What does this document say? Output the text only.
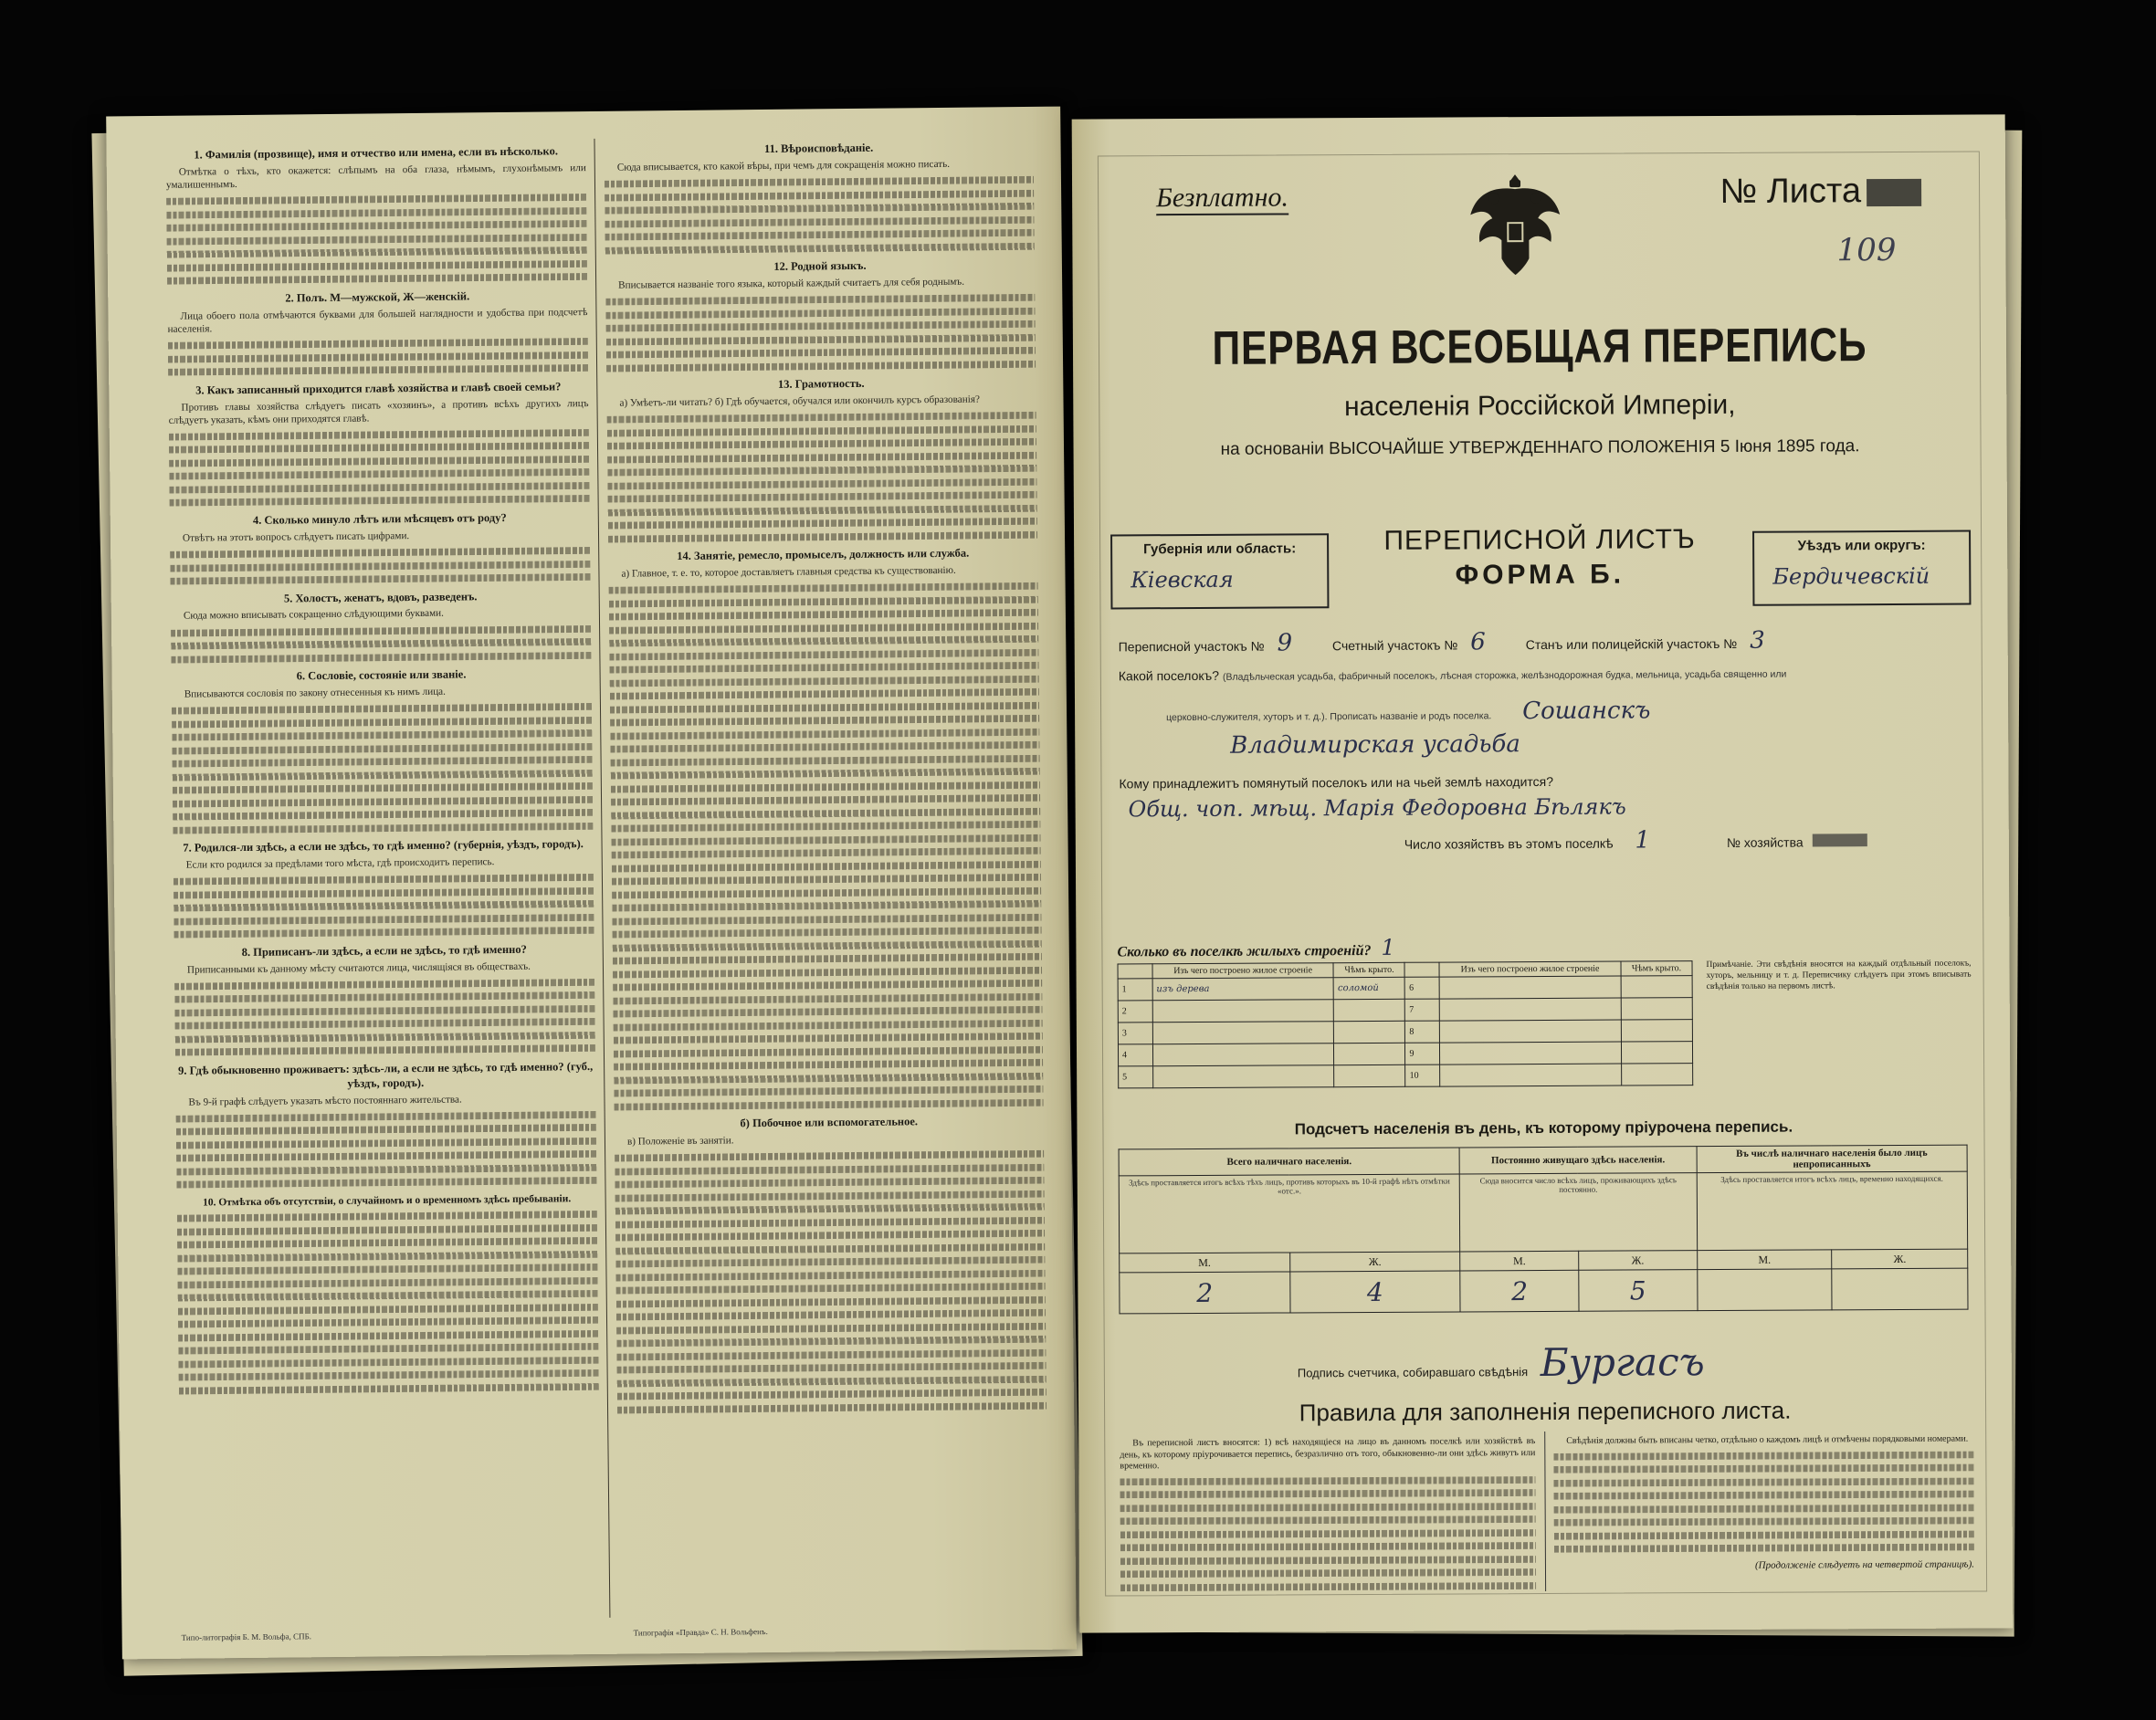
1. Фамилія (прозвище), имя и отчество или имена, если въ нѣсколько.
Отмѣтка о тѣхъ, кто окажется: слѣпымъ на оба глаза, нѣмымъ, глухонѣмымъ или умалишеннымъ.
2. Полъ. М—мужской, Ж—женскій.
Лица обоего пола отмѣчаются буквами для большей наглядности и удобства при подсчетѣ населенія.
3. Какъ записанный приходится главѣ хозяйства и главѣ своей семьи?
Противъ главы хозяйства слѣдуетъ писать «хозяинъ», а противъ всѣхъ другихъ лицъ слѣдуетъ указать, кѣмъ они приходятся главѣ.
4. Сколько минуло лѣтъ или мѣсяцевъ отъ роду?
Отвѣтъ на этотъ вопросъ слѣдуетъ писать цифрами.
5. Холостъ, женатъ, вдовъ, разведенъ.
Сюда можно вписывать сокращенно слѣдующими буквами.
6. Сословіе, состояніе или званіе.
Вписываются сословія по закону отнесенныя къ нимъ лица.
7. Родился-ли здѣсь, а если не здѣсь, то гдѣ именно? (губернія, уѣздъ, городъ).
Если кто родился за предѣлами того мѣста, гдѣ происходитъ перепись.
8. Приписанъ-ли здѣсь, а если не здѣсь, то гдѣ именно?
Приписанными къ данному мѣсту считаются лица, числящіяся въ обществахъ.
9. Гдѣ обыкновенно проживаетъ: здѣсь-ли, а если не здѣсь, то гдѣ именно? (губ., уѣздъ, городъ).
Въ 9-й графѣ слѣдуетъ указать мѣсто постояннаго жительства.
10. Отмѣтка объ отсутствіи, о случайномъ и о временномъ здѣсь пребываніи.
11. Вѣроисповѣданіе.
Сюда вписывается, кто какой вѣры, при чемъ для сокращенія можно писать.
12. Родной языкъ.
Вписывается названіе того языка, который каждый считаетъ для себя роднымъ.
13. Грамотность.
а) Умѣетъ-ли читать? б) Гдѣ обучается, обучался или окончилъ курсъ образованія?
14. Занятіе, ремесло, промыселъ, должность или служба.
а) Главное, т. е. то, которое доставляетъ главныя средства къ существованію.
б) Побочное или вспомогательное.
в) Положеніе въ занятіи.
Типо-литографія Б. М. Вольфа, СПБ.	Типографія «Правда» С. Н. Вольфенъ.
Безплатно.	№ Листа
109
ПЕРВАЯ ВСЕОБЩАЯ ПЕРЕПИСЬ
населенія Россійской Имперіи,
на основаніи ВЫСОЧАЙШЕ УТВЕРЖДЕННАГО ПОЛОЖЕНІЯ 5 Іюня 1895 года.
Губернія или область:
Кіевская
ПЕРЕПИСНОЙ ЛИСТЪ
ФОРМА Б.
Уѣздъ или округъ:
Бердичевскій
Переписной участокъ № 9	Счетный участокъ № 6	Станъ или полицейскій участокъ № 3
Какой поселокъ? (Владѣльческая усадьба, фабричный поселокъ, лѣсная сторожка, желѣзнодорожная будка, мельница, усадьба священно или
церковно-служителя, хуторъ и т. д.). Прописать названіе и родъ поселка. Сошанскъ
Владимирская усадьба
Кому принадлежитъ помянутый поселокъ или на чьей землѣ находится?
Общ. чоп. мѣщ. Марія Федоровна Бѣлякъ
Число хозяйствъ въ этомъ поселкѣ 1	№ хозяйства
Сколько въ поселкѣ жилыхъ строеній? 1
	Изъ чего построено жилое строеніе	Чѣмъ крыто.		Изъ чего построено жилое строеніе	Чѣмъ крыто.
1	изъ дерева	соломой	6		
2			7		
3			8		
4			9		
5			10		
Примѣчаніе. Эти свѣдѣнія вносятся на каждый отдѣльный поселокъ, хуторъ, мельницу и т. д. Переписчику слѣдуетъ при этомъ вписывать свѣдѣнія только на первомъ листѣ.
Подсчетъ населенія въ день, къ которому пріурочена перепись.
Всего наличнаго населенія.		Постоянно живущаго здѣсь населенія.		Въ числѣ наличнаго населенія было лицъ непрописанныхъ	
Здѣсь проставляется итогъ всѣхъ тѣхъ лицъ, противъ которыхъ въ 10-й графѣ нѣтъ отмѣтки «отс.».		Сюда вносится число всѣхъ лицъ, проживающихъ здѣсь постоянно.		Здѣсь проставляется итогъ всѣхъ лицъ, временно находящихся.	
М.	Ж.	М.	Ж.	М.	Ж.
2	4	2	5		
Подпись счетчика, собиравшаго свѣдѣнія Бургасъ
Правила для заполненія переписного листа.
Въ переписной листъ вносятся: 1) всѣ находящіеся на лицо въ данномъ поселкѣ или хозяйствѣ въ день, къ которому пріурочивается перепись, безразлично отъ того, обыкновенно-ли они здѣсь живутъ или временно.
Свѣдѣнія должны быть вписаны четко, отдѣльно о каждомъ лицѣ и отмѣчены порядковыми номерами.
(Продолженіе слѣдуетъ на четвертой страницѣ).
